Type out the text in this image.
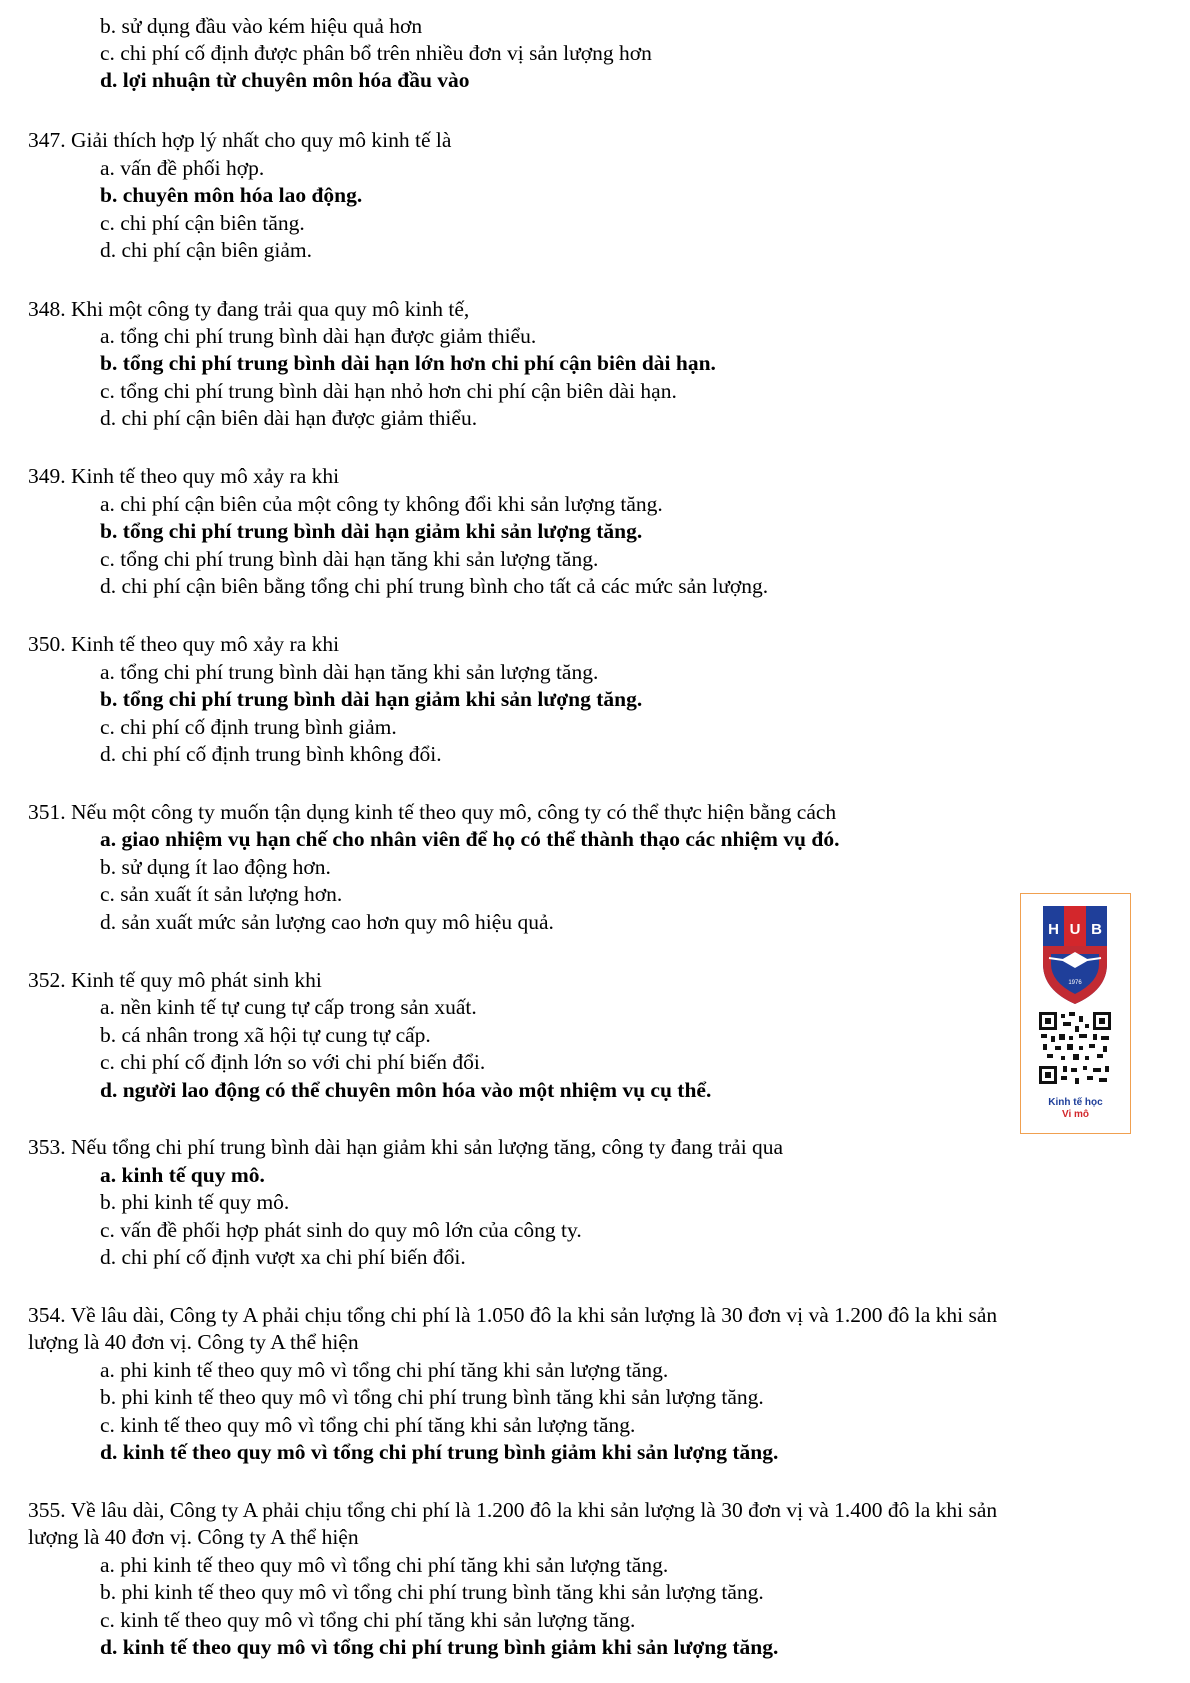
b. sử dụng đầu vào kém hiệu quả hơn
c. chi phí cố định được phân bổ trên nhiều đơn vị sản lượng hơn
d. lợi nhuận từ chuyên môn hóa đầu vào
347. Giải thích hợp lý nhất cho quy mô kinh tế là
a. vấn đề phối hợp.
b. chuyên môn hóa lao động.
c. chi phí cận biên tăng.
d. chi phí cận biên giảm.
348. Khi một công ty đang trải qua quy mô kinh tế,
a. tổng chi phí trung bình dài hạn được giảm thiểu.
b. tổng chi phí trung bình dài hạn lớn hơn chi phí cận biên dài hạn.
c. tổng chi phí trung bình dài hạn nhỏ hơn chi phí cận biên dài hạn.
d. chi phí cận biên dài hạn được giảm thiểu.
349. Kinh tế theo quy mô xảy ra khi
a. chi phí cận biên của một công ty không đổi khi sản lượng tăng.
b. tổng chi phí trung bình dài hạn giảm khi sản lượng tăng.
c. tổng chi phí trung bình dài hạn tăng khi sản lượng tăng.
d. chi phí cận biên bằng tổng chi phí trung bình cho tất cả các mức sản lượng.
350. Kinh tế theo quy mô xảy ra khi
a. tổng chi phí trung bình dài hạn tăng khi sản lượng tăng.
b. tổng chi phí trung bình dài hạn giảm khi sản lượng tăng.
c. chi phí cố định trung bình giảm.
d. chi phí cố định trung bình không đổi.
351. Nếu một công ty muốn tận dụng kinh tế theo quy mô, công ty có thể thực hiện bằng cách
a. giao nhiệm vụ hạn chế cho nhân viên để họ có thể thành thạo các nhiệm vụ đó.
b. sử dụng ít lao động hơn.
c. sản xuất ít sản lượng hơn.
d. sản xuất mức sản lượng cao hơn quy mô hiệu quả.
352. Kinh tế quy mô phát sinh khi
a. nền kinh tế tự cung tự cấp trong sản xuất.
b. cá nhân trong xã hội tự cung tự cấp.
c. chi phí cố định lớn so với chi phí biến đổi.
d. người lao động có thể chuyên môn hóa vào một nhiệm vụ cụ thể.
353. Nếu tổng chi phí trung bình dài hạn giảm khi sản lượng tăng, công ty đang trải qua
a. kinh tế quy mô.
b. phi kinh tế quy mô.
c. vấn đề phối hợp phát sinh do quy mô lớn của công ty.
d. chi phí cố định vượt xa chi phí biến đổi.
354. Về lâu dài, Công ty A phải chịu tổng chi phí là 1.050 đô la khi sản lượng là 30 đơn vị và 1.200 đô la khi sản
lượng là 40 đơn vị. Công ty A thể hiện
a. phi kinh tế theo quy mô vì tổng chi phí tăng khi sản lượng tăng.
b. phi kinh tế theo quy mô vì tổng chi phí trung bình tăng khi sản lượng tăng.
c. kinh tế theo quy mô vì tổng chi phí tăng khi sản lượng tăng.
d. kinh tế theo quy mô vì tổng chi phí trung bình giảm khi sản lượng tăng.
355. Về lâu dài, Công ty A phải chịu tổng chi phí là 1.200 đô la khi sản lượng là 30 đơn vị và 1.400 đô la khi sản
lượng là 40 đơn vị. Công ty A thể hiện
a. phi kinh tế theo quy mô vì tổng chi phí tăng khi sản lượng tăng.
b. phi kinh tế theo quy mô vì tổng chi phí trung bình tăng khi sản lượng tăng.
c. kinh tế theo quy mô vì tổng chi phí tăng khi sản lượng tăng.
d. kinh tế theo quy mô vì tổng chi phí trung bình giảm khi sản lượng tăng.
H U B
1976
Kinh tế học
Vi mô
